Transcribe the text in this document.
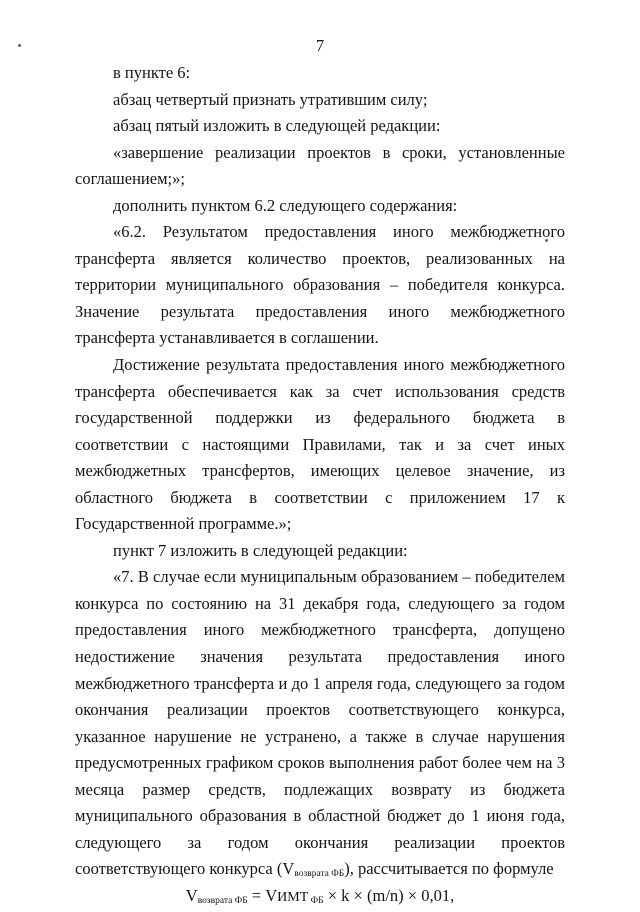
7

в пункте 6:

абзац четвертый признать утратившим силу;

абзац пятый изложить в следующей редакции:

«завершение реализации проектов в сроки, установленные соглашением;»;

дополнить пунктом 6.2 следующего содержания:

«6.2. Результатом предоставления иного межбюджетного трансферта является количество проектов, реализованных на территории муниципального образования – победителя конкурса. Значение результата предоставления иного межбюджетного трансферта устанавливается в соглашении.

Достижение результата предоставления иного межбюджетного трансферта обеспечивается как за счет использования средств государственной поддержки из федерального бюджета в соответствии с настоящими Правилами, так и за счет иных межбюджетных трансфертов, имеющих целевое значение, из областного бюджета в соответствии с приложением 17 к Государственной программе.»;

пункт 7 изложить в следующей редакции:

«7. В случае если муниципальным образованием – победителем конкурса по состоянию на 31 декабря года, следующего за годом предоставления иного межбюджетного трансферта, допущено недостижение значения результата предоставления иного межбюджетного трансферта и до 1 апреля года, следующего за годом окончания реализации проектов соответствующего конкурса, указанное нарушение не устранено, а также в случае нарушения предусмотренных графиком сроков выполнения работ более чем на 3 месяца размер средств, подлежащих возврату из бюджета муниципального образования в областной бюджет до 1 июня года, следующего за годом окончания реализации проектов соответствующего конкурса $(V_{возврата ФБ})$, рассчитывается по формуле

$V_{возврата ФБ}$ = VИМТ $_{ФБ}$ × k × (m/n) × 0,01,
